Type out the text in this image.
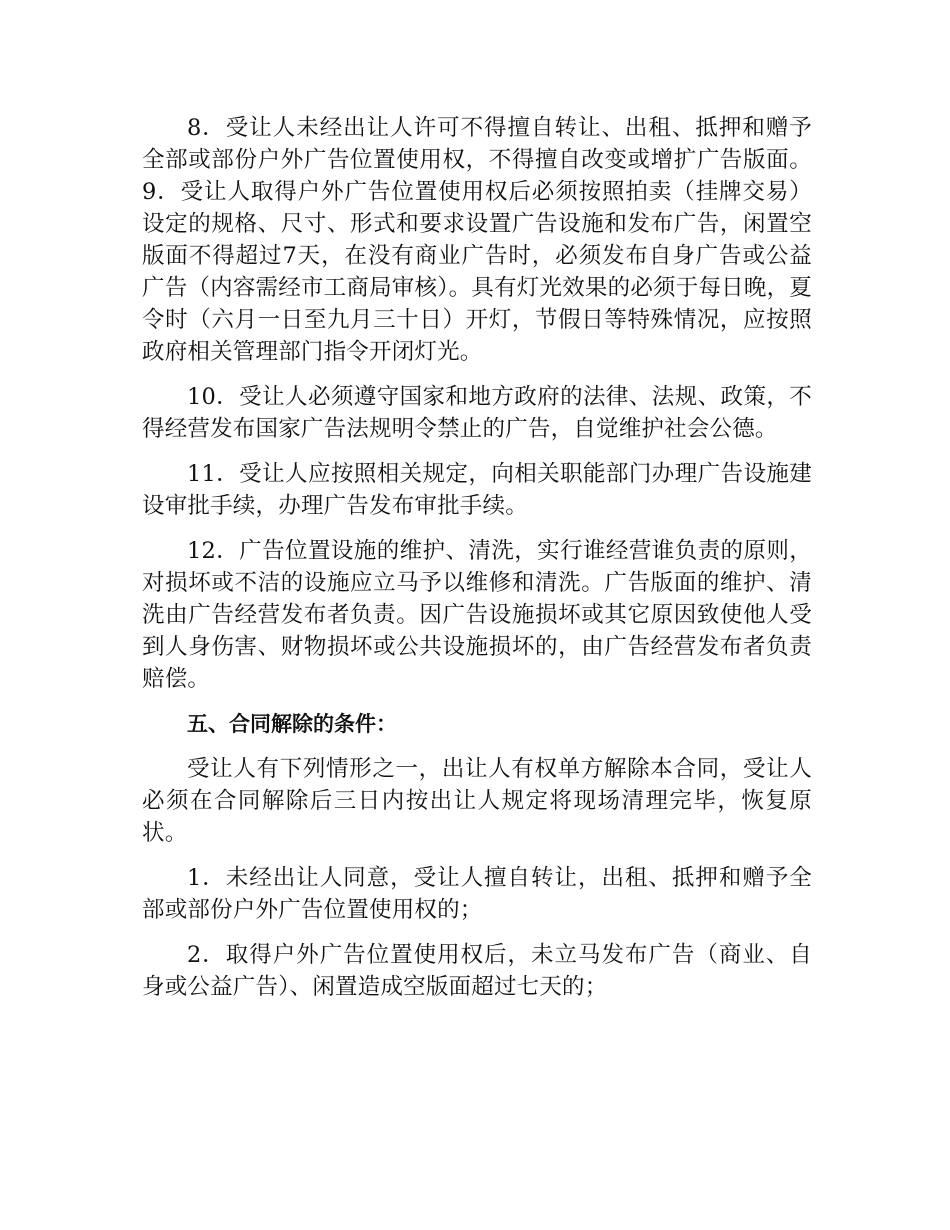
8．受让人未经出让人许可不得擅自转让、出租、抵押和赠予全部或部份户外广告位置使用权，不得擅自改变或增扩广告版面。9．受让人取得户外广告位置使用权后必须按照拍卖（挂牌交易）设定的规格、尺寸、形式和要求设置广告设施和发布广告，闲置空版面不得超过7天，在没有商业广告时，必须发布自身广告或公益广告（内容需经市工商局审核）。具有灯光效果的必须于每日晚，夏令时（六月一日至九月三十日）开灯，节假日等特殊情况，应按照政府相关管理部门指令开闭灯光。

10．受让人必须遵守国家和地方政府的法律、法规、政策，不得经营发布国家广告法规明令禁止的广告，自觉维护社会公德。

11．受让人应按照相关规定，向相关职能部门办理广告设施建设审批手续，办理广告发布审批手续。

12．广告位置设施的维护、清洗，实行谁经营谁负责的原则，对损坏或不洁的设施应立马予以维修和清洗。广告版面的维护、清洗由广告经营发布者负责。因广告设施损坏或其它原因致使他人受到人身伤害、财物损坏或公共设施损坏的，由广告经营发布者负责赔偿。

五、合同解除的条件：

受让人有下列情形之一，出让人有权单方解除本合同，受让人必须在合同解除后三日内按出让人规定将现场清理完毕，恢复原状。

1．未经出让人同意，受让人擅自转让，出租、抵押和赠予全部或部份户外广告位置使用权的；

2．取得户外广告位置使用权后，未立马发布广告（商业、自身或公益广告）、闲置造成空版面超过七天的；
